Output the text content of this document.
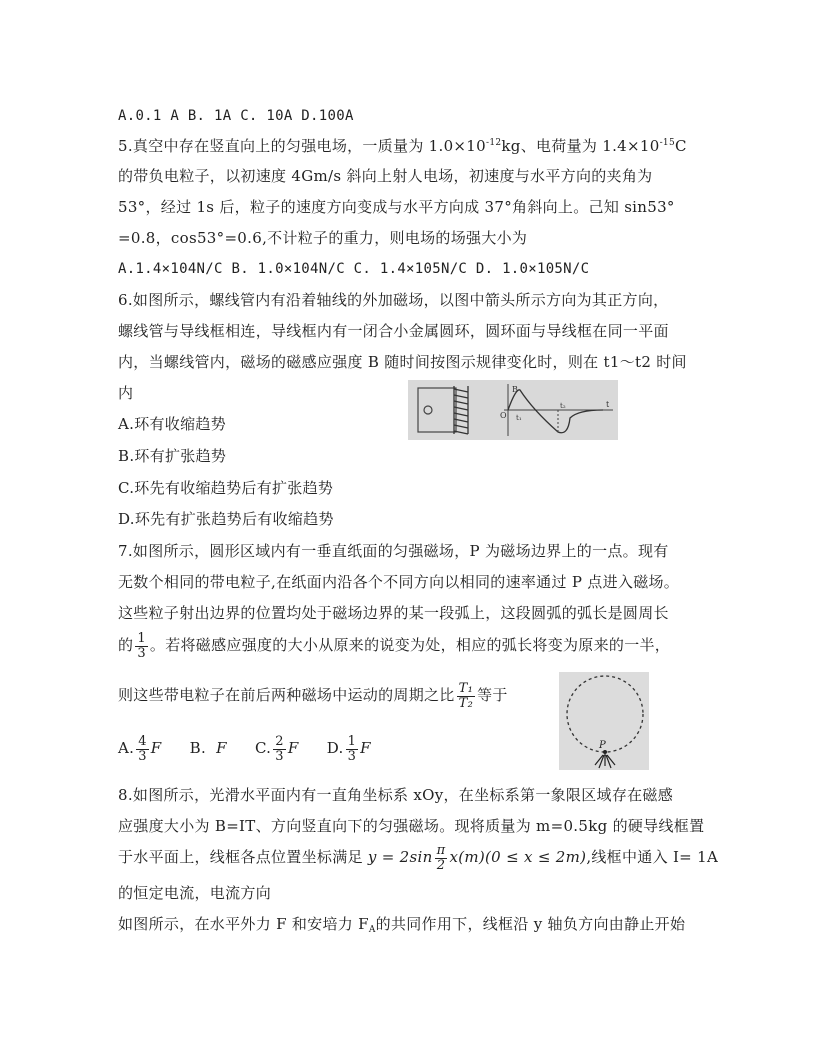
A.0.1 A B. 1A C. 10A D.100A
5.真空中存在竖直向上的匀强电场，一质量为 $1.0\times 10^{-12}kg$、电荷量为 $1.4\times 10^{-15}C$
的带负电粒子，以初速度 4Gm/s 斜向上射人电场，初速度与水平方向的夹角为
53°，经过 1s 后，粒子的速度方向变成与水平方向成 37°角斜向上。己知 sin53°
=0.8，cos53°=0.6,不计粒子的重力，则电场的场强大小为
A.1.4×104N/C B. 1.0×104N/C C. 1.4×105N/C D. 1.0×105N/C
6.如图所示，螺线管内有沿着轴线的外加磁场，以图中箭头所示方向为其正方向，
螺线管与导线框相连，导线框内有一闭合小金属圆环，圆环面与导线框在同一平面
内，当螺线管内，磁场的磁感应强度 B 随时间按图示规律变化时，则在 t1～t2 时间
内
A.环有收缩趋势
B.环有扩张趋势
C.环先有收缩趋势后有扩张趋势
D.环先有扩张趋势后有收缩趋势
B
O t₁
t₂	t
7.如图所示，圆形区域内有一垂直纸面的匀强磁场，P 为磁场边界上的一点。现有
无数个相同的带电粒子,在纸面内沿各个不同方向以相同的速率通过 P 点进入磁场。
这些粒子射出边界的位置均处于磁场边界的某一段弧上，这段圆弧的弧长是圆周长
的 $\frac{1}{3}$ 。若将磁感应强度的大小从原来的说变为处，相应的弧长将变为原来的一半，
则这些带电粒子在前后两种磁场中运动的周期之比 $\frac{\text{T₁}}{\text{T₂}}$ 等于
A. $\frac{4}{3}$ F B. F C. $\frac{2}{3}$ F D. $\frac{1}{3}$ F	P
8.如图所示，光滑水平面内有一直角坐标系 xOy，在坐标系第一象限区域存在磁感
应强度大小为 B=IT、方向竖直向下的匀强磁场。现将质量为 m=0.5kg 的硬导线框置
于水平面上，线框各点位置坐标满足 $y = 2\sin \frac{\pi}{2} x(m)(0 \le x \le 2m)$,线框中通入 I= 1A
的恒定电流，电流方向
如图所示，在水平外力 F 和安培力 $F_A$的共同作用下，线框沿 y 轴负方向由静止开始
